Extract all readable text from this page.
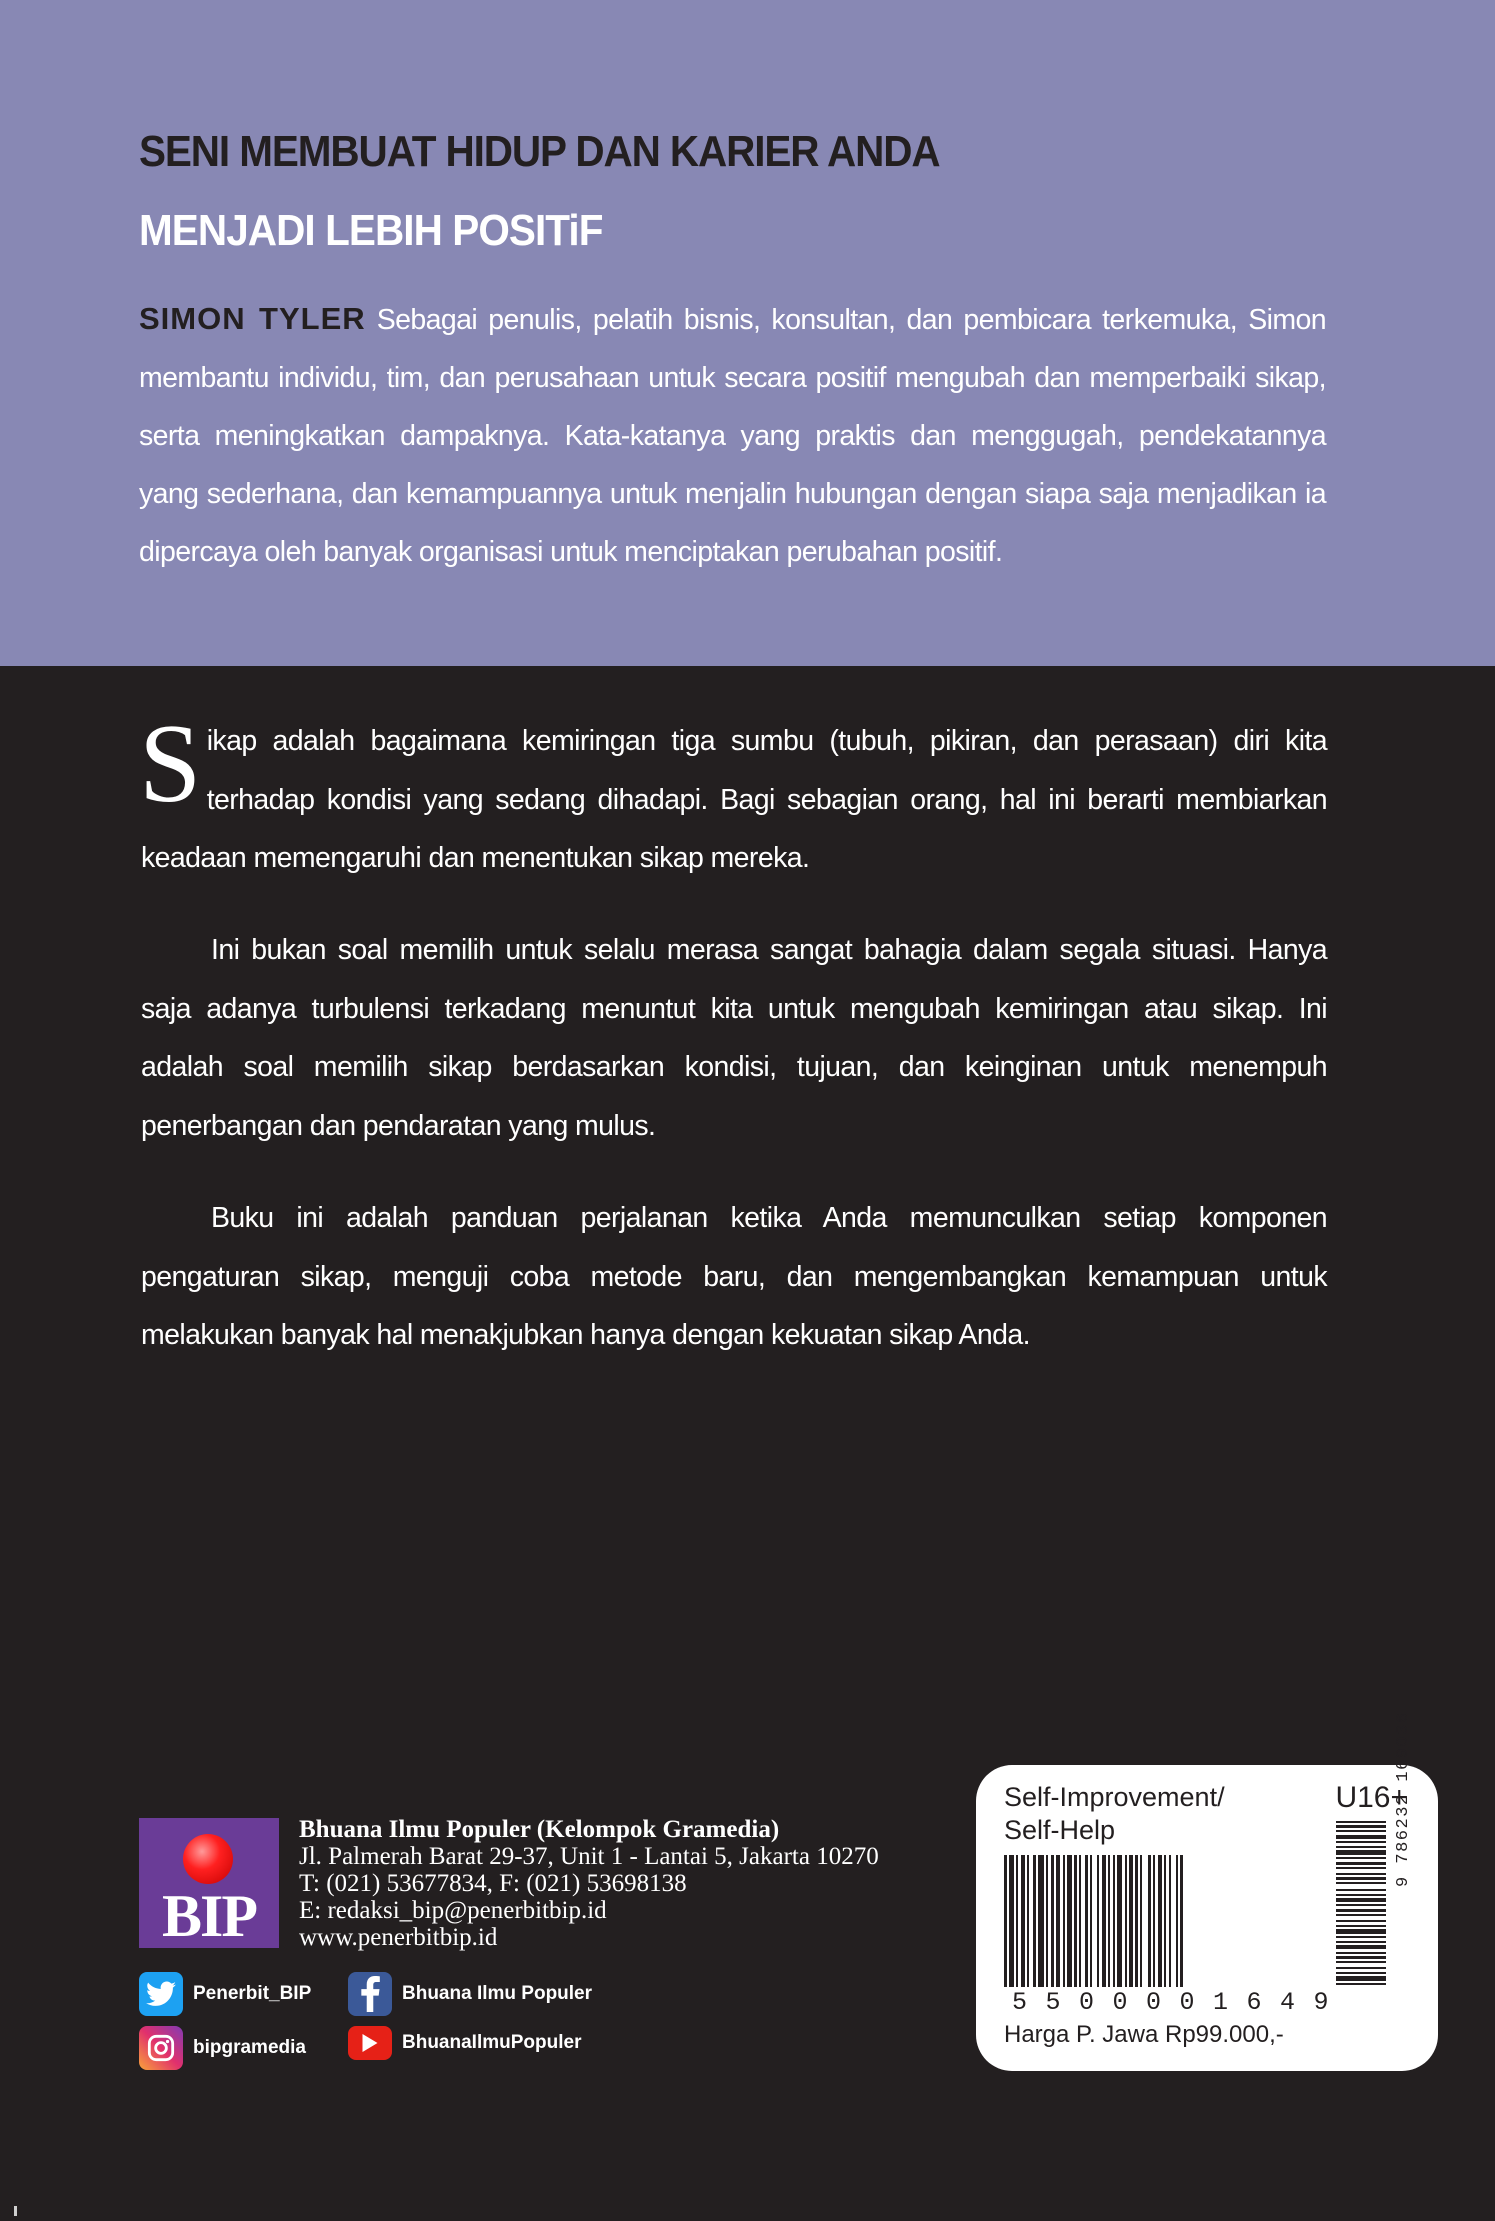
SENI MEMBUAT HIDUP DAN KARIER ANDA
MENJADI LEBIH POSITiF
SIMON TYLER Sebagai penulis, pelatih bisnis, konsultan, dan pembicara terkemuka, Simon membantu individu, tim, dan perusahaan untuk secara positif mengubah dan memperbaiki sikap, serta meningkatkan dampaknya. Kata-katanya yang praktis dan menggugah, pendekatannya yang sederhana, dan kemampuannya untuk menjalin hubungan dengan siapa saja menjadikan ia dipercaya oleh banyak organisasi untuk menciptakan perubahan positif.
Sikap adalah bagaimana kemiringan tiga sumbu (tubuh, pikiran, dan perasaan) diri kita terhadap kondisi yang sedang dihadapi. Bagi sebagian orang, hal ini berarti membiarkan keadaan memengaruhi dan menentukan sikap mereka.
Ini bukan soal memilih untuk selalu merasa sangat bahagia dalam segala situasi. Hanya saja adanya turbulensi terkadang menuntut kita untuk mengubah kemiringan atau sikap. Ini adalah soal memilih sikap berdasarkan kondisi, tujuan, dan keinginan untuk menempuh penerbangan dan pendaratan yang mulus.
Buku ini adalah panduan perjalanan ketika Anda memunculkan setiap komponen pengaturan sikap, menguji coba metode baru, dan mengembangkan kemampuan untuk melakukan banyak hal menakjubkan hanya dengan kekuatan sikap Anda.
BIP
Bhuana Ilmu Populer (Kelompok Gramedia)
Jl. Palmerah Barat 29-37, Unit 1 - Lantai 5, Jakarta 10270
T: (021) 53677834, F: (021) 53698138
E: redaksi_bip@penerbitbip.id
www.penerbitbip.id
Penerbit_BIP	Bhuana Ilmu Populer
bipgramedia	BhuanaIlmuPopuler
Self-Improvement/
Self-Help
U16+
5500001649
9 786232 169036
Harga P. Jawa Rp99.000,-
